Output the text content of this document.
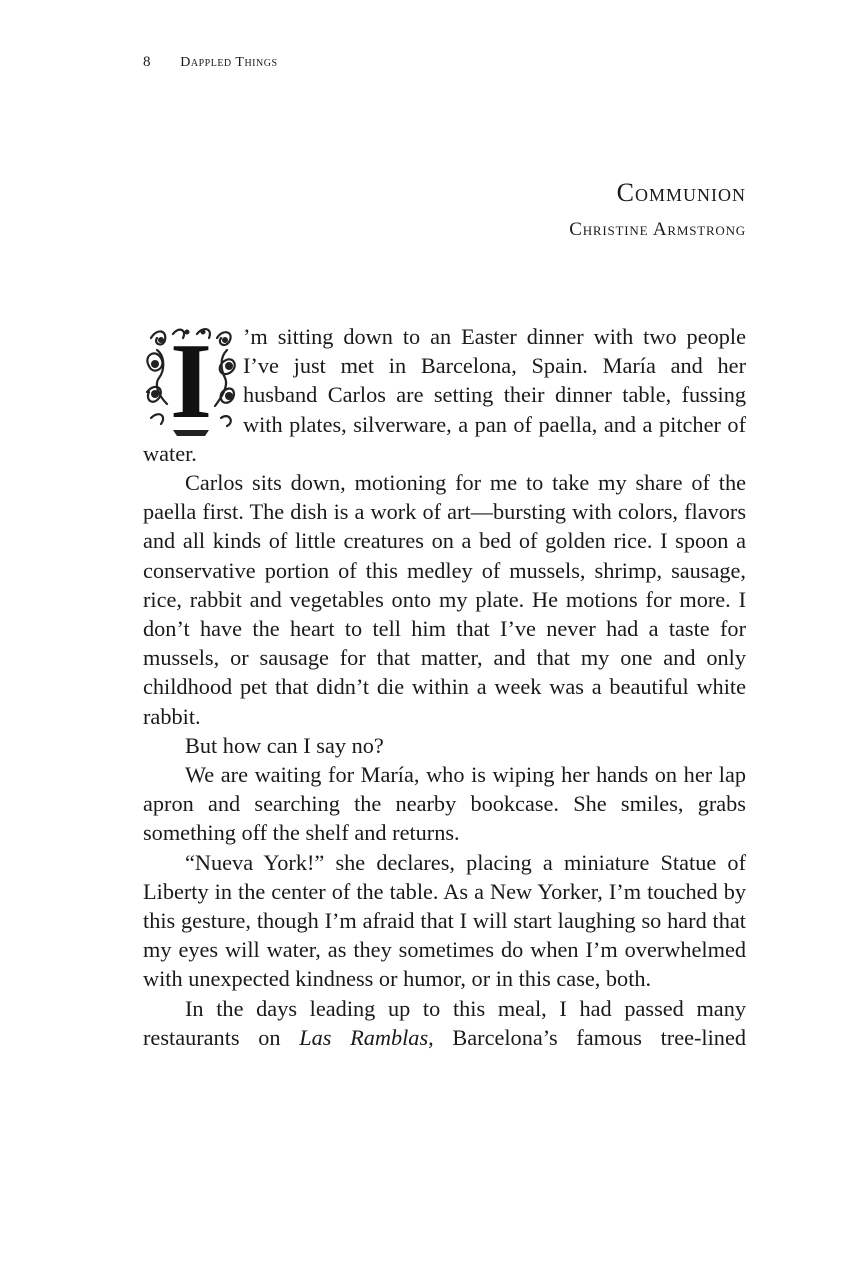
8 Dappled Things
Communion
Christine Armstrong

I ’m sitting down to an Easter dinner with two people I’ve just met in Barcelona, Spain. María and her husband Carlos are setting their dinner table, fussing with plates, silverware, a pan of paella, and a pitcher of water.

Carlos sits down, motioning for me to take my share of the paella first. The dish is a work of art—bursting with colors, flavors and all kinds of little creatures on a bed of golden rice. I spoon a conservative portion of this medley of mussels, shrimp, sausage, rice, rabbit and vegetables onto my plate. He motions for more. I don’t have the heart to tell him that I’ve never had a taste for mussels, or sausage for that matter, and that my one and only childhood pet that didn’t die within a week was a beautiful white rabbit.

But how can I say no?

We are waiting for María, who is wiping her hands on her lap apron and searching the nearby bookcase. She smiles, grabs something off the shelf and returns.

“Nueva York!” she declares, placing a miniature Statue of Liberty in the center of the table. As a New Yorker, I’m touched by this gesture, though I’m afraid that I will start laughing so hard that my eyes will water, as they sometimes do when I’m overwhelmed with unexpected kindness or humor, or in this case, both.

In the days leading up to this meal, I had passed many restaurants on Las Ramblas, Barcelona’s famous tree-lined
